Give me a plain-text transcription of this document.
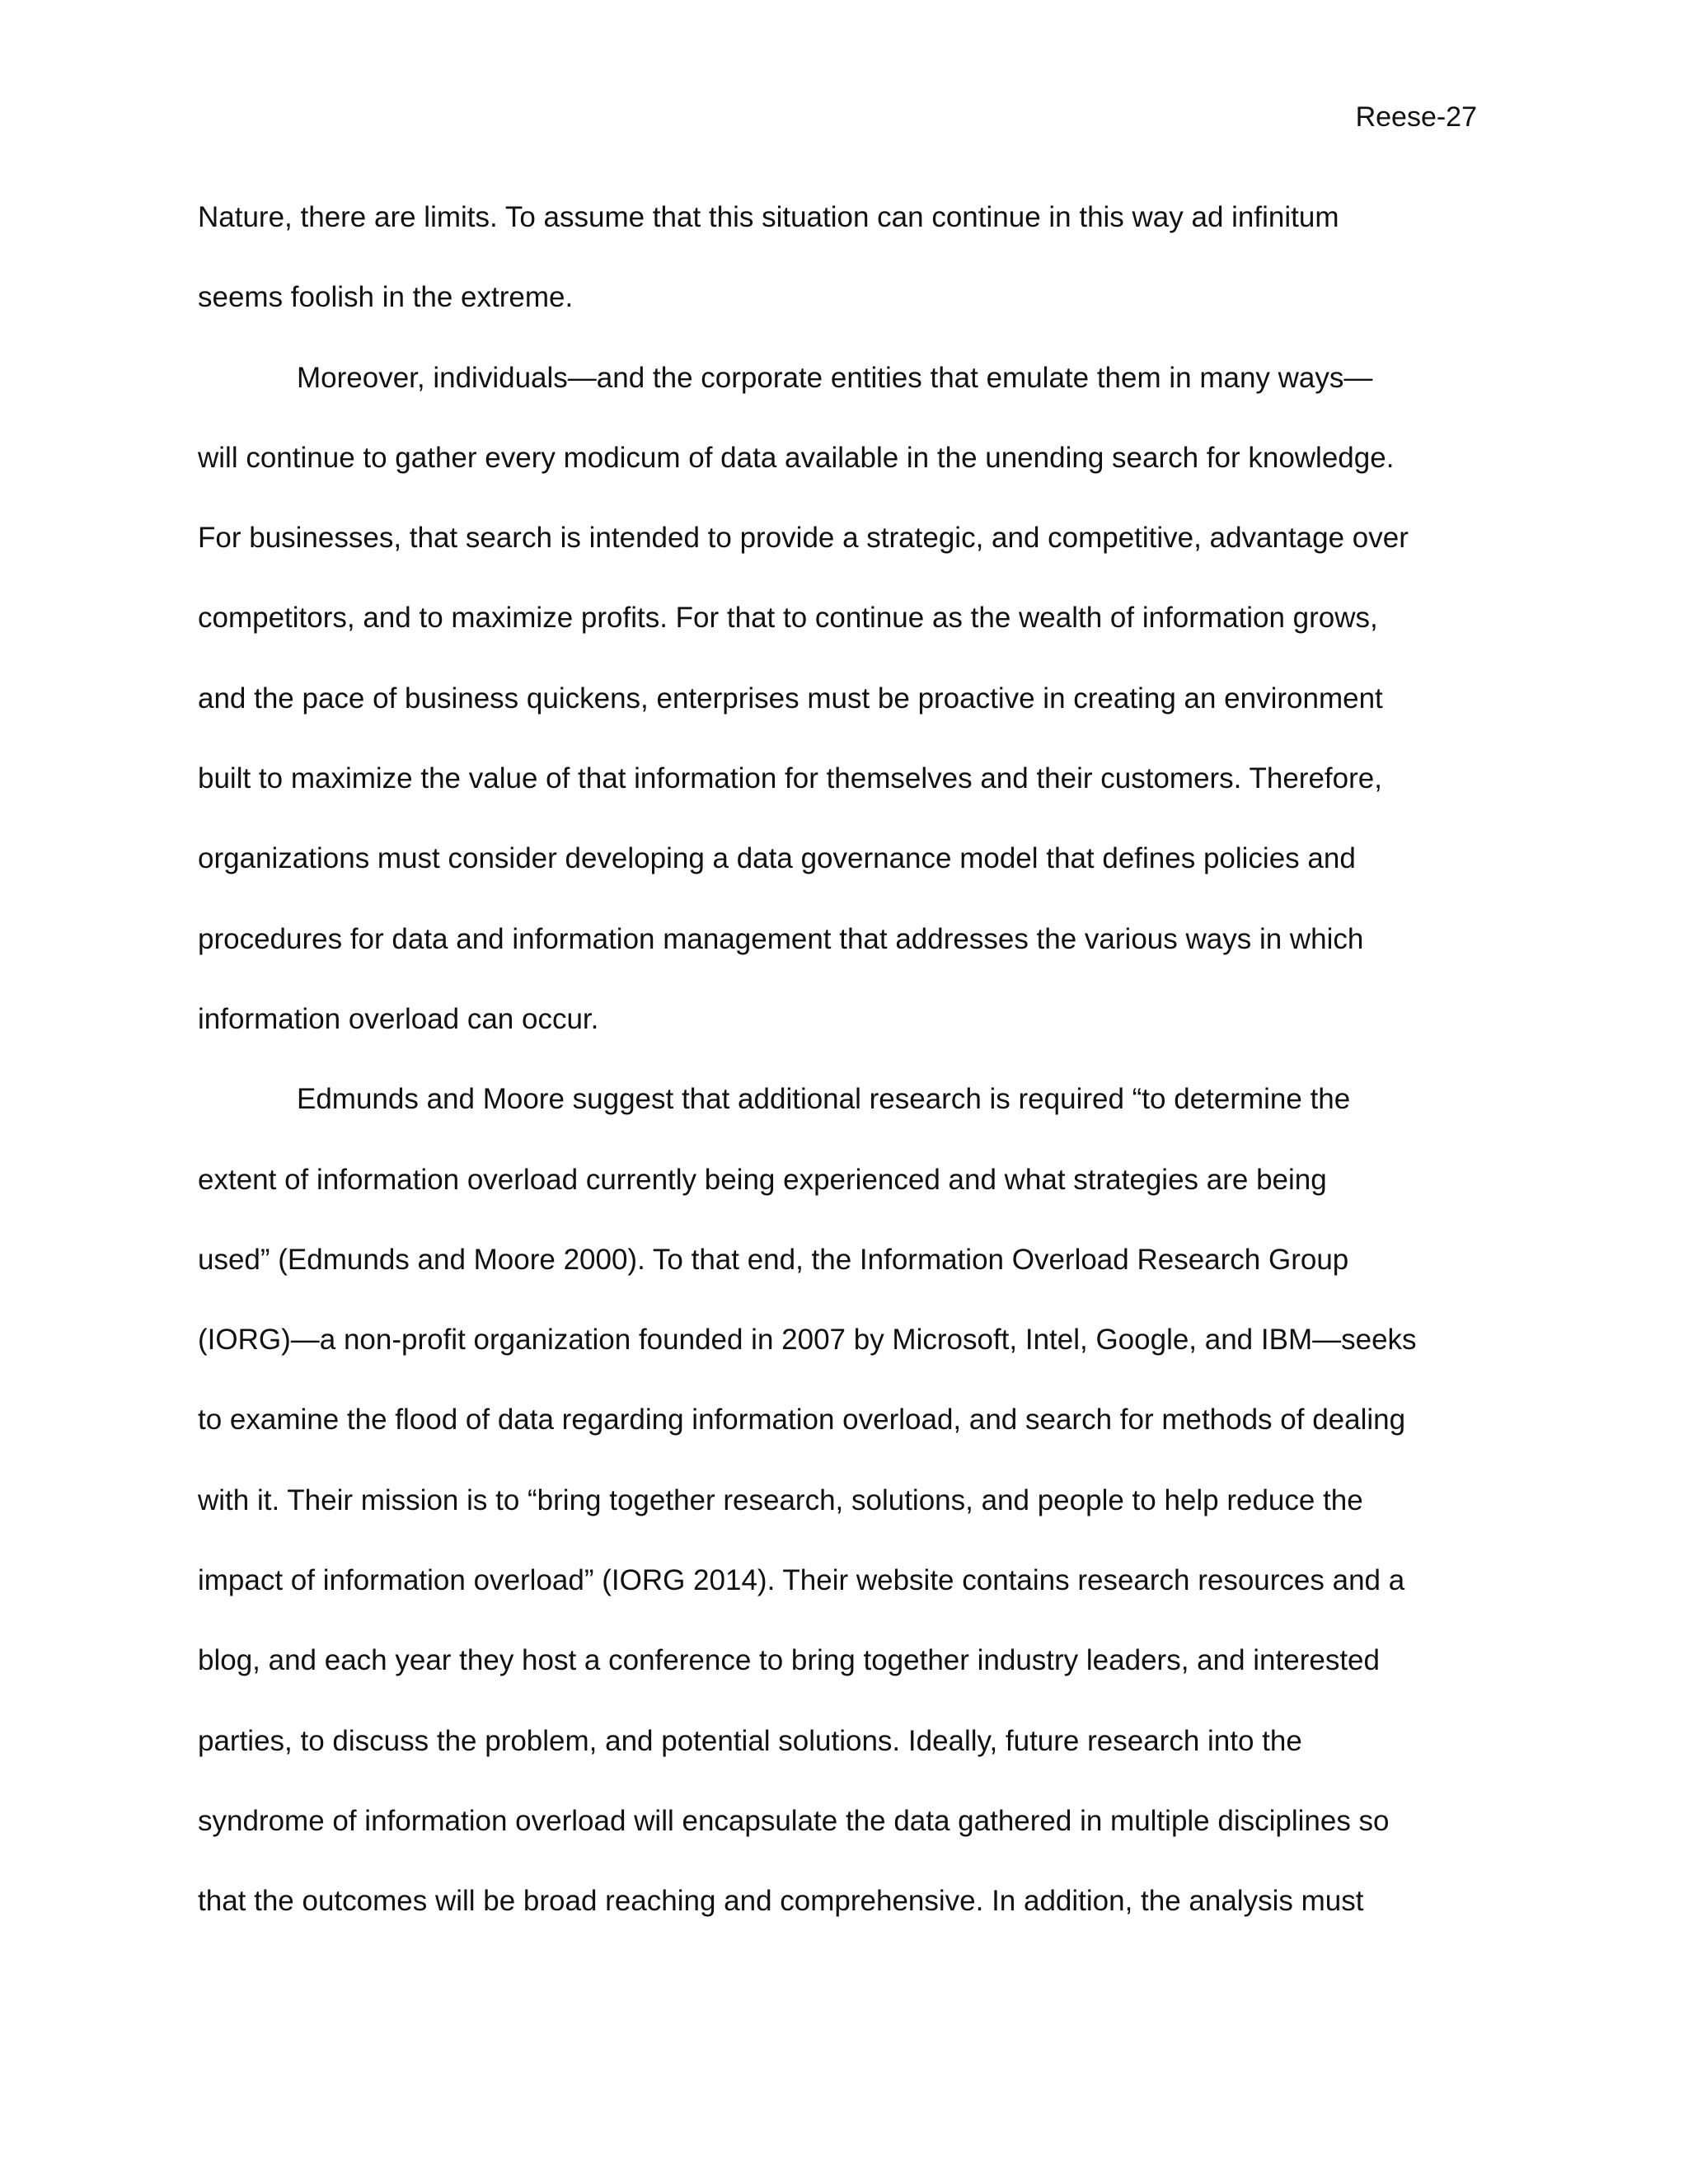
Reese-27
Nature, there are limits. To assume that this situation can continue in this way ad infinitum
seems foolish in the extreme.
Moreover, individuals—and the corporate entities that emulate them in many ways—
will continue to gather every modicum of data available in the unending search for knowledge.
For businesses, that search is intended to provide a strategic, and competitive, advantage over
competitors, and to maximize profits. For that to continue as the wealth of information grows,
and the pace of business quickens, enterprises must be proactive in creating an environment
built to maximize the value of that information for themselves and their customers. Therefore,
organizations must consider developing a data governance model that defines policies and
procedures for data and information management that addresses the various ways in which
information overload can occur.
Edmunds and Moore suggest that additional research is required “to determine the
extent of information overload currently being experienced and what strategies are being
used” (Edmunds and Moore 2000). To that end, the Information Overload Research Group
(IORG)—a non-profit organization founded in 2007 by Microsoft, Intel, Google, and IBM—seeks
to examine the flood of data regarding information overload, and search for methods of dealing
with it. Their mission is to “bring together research, solutions, and people to help reduce the
impact of information overload” (IORG 2014). Their website contains research resources and a
blog, and each year they host a conference to bring together industry leaders, and interested
parties, to discuss the problem, and potential solutions. Ideally, future research into the
syndrome of information overload will encapsulate the data gathered in multiple disciplines so
that the outcomes will be broad reaching and comprehensive. In addition, the analysis must
